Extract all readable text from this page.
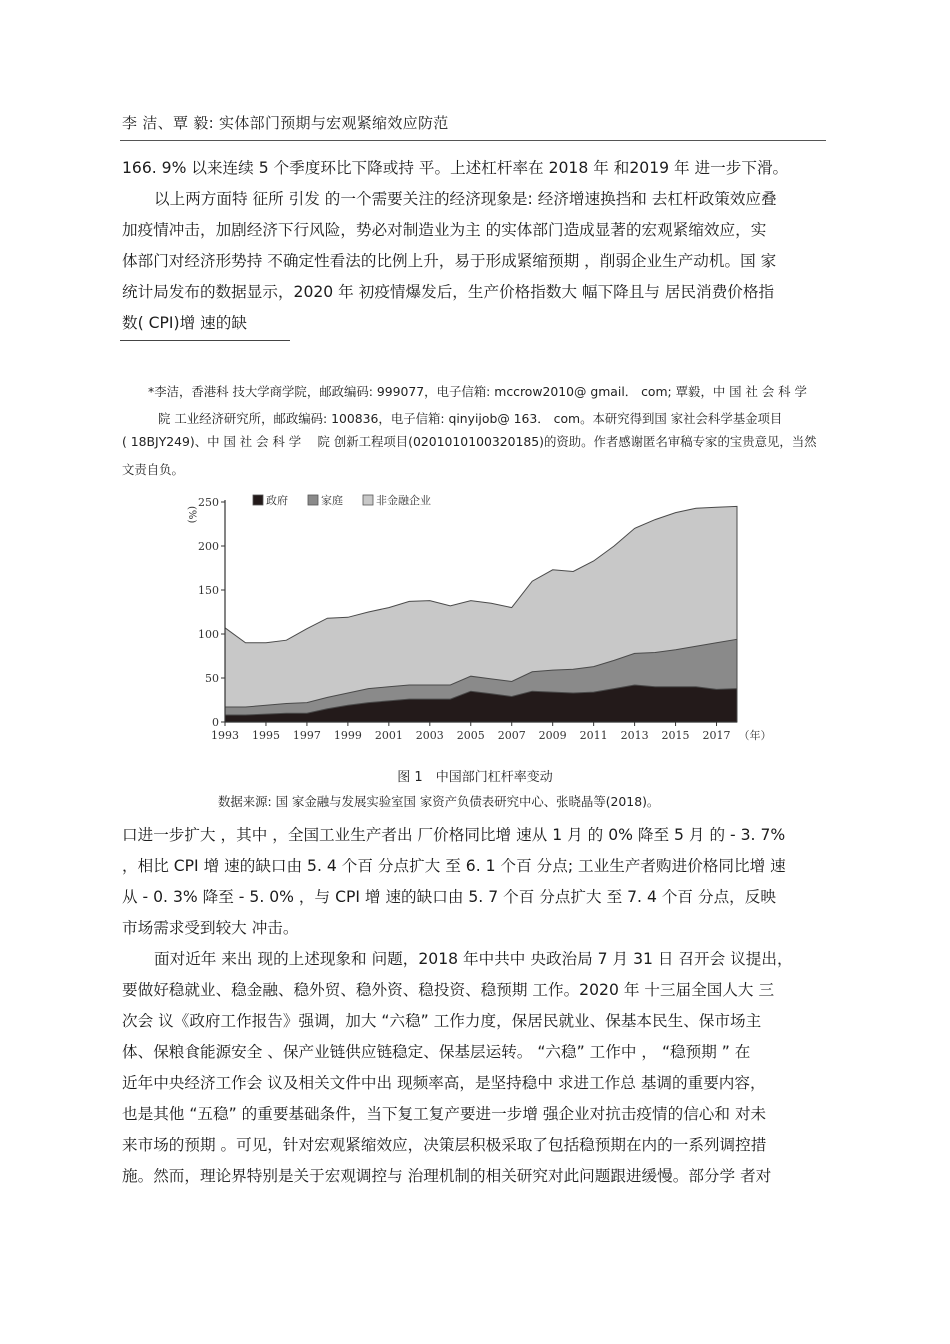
李 洁、覃 毅: 实体部门预期与宏观紧缩效应防范
166. 9% 以来连续 5 个季度环比下降或持 平。上述杠杆率在 2018 年 和2019 年 进一步下滑。
以上两方面特 征所 引发 的一个需要关注的经济现象是: 经济增速换挡和 去杠杆政策效应叠
加疫情冲击，加剧经济下行风险，势必对制造业为主 的实体部门造成显著的宏观紧缩效应，实
体部门对经济形势持 不确定性看法的比例上升，易于形成紧缩预期 ，削弱企业生产动机。国 家
统计局发布的数据显示，2020 年 初疫情爆发后，生产价格指数大 幅下降且与 居民消费价格指
数( CPI)增 速的缺
*李洁，香港科 技大学商学院，邮政编码: 999077，电子信箱: mccrow2010@ gmail． com; 覃毅，中 国 社 会 科 学
院 工业经济研究所，邮政编码: 100836，电子信箱: qinyijob@ 163． com。本研究得到国 家社会科学基金项目
( 18BJY249)、中 国 社 会 科 学　 院 创新工程项目(0201010100320185)的资助。作者感谢匿名审稿专家的宝贵意见，当然
文责自负。
0
50
100
150
200
250
(%)
1993 1995 1997 1999 2001 2003 2005 2007 2009 2011 2013 2015 2017 （年）
政府	家庭	非金融企业
图 1　中国部门杠杆率变动
数据来源: 国 家金融与发展实验室国 家资产负债表研究中心、张晓晶等(2018)。
口进一步扩大 ，其中 ，全国工业生产者出 厂价格同比增 速从 1 月 的 0% 降至 5 月 的 - 3. 7%
，相比 CPI 增 速的缺口由 5. 4 个百 分点扩大 至 6. 1 个百 分点; 工业生产者购进价格同比增 速
从 - 0. 3% 降至 - 5. 0% ，与 CPI 增 速的缺口由 5. 7 个百 分点扩大 至 7. 4 个百 分点，反映
市场需求受到较大 冲击。
面对近年 来出 现的上述现象和 问题，2018 年中共中 央政治局 7 月 31 日 召开会 议提出，
要做好稳就业、稳金融、稳外贸、稳外资、稳投资、稳预期 工作。2020 年 十三届全国人大 三
次会 议《政府工作报告》强调，加大 “六稳” 工作力度，保居民就业、保基本民生、保市场主
体、保粮食能源安全 、保产业链供应链稳定、保基层运转。 “六稳” 工作中 ， “稳预期 ” 在
近年中央经济工作会 议及相关文件中出 现频率高，是坚持稳中 求进工作总 基调的重要内容，
也是其他 “五稳” 的重要基础条件，当下复工复产要进一步增 强企业对抗击疫情的信心和 对未
来市场的预期 。可见，针对宏观紧缩效应，决策层积极采取了包括稳预期在内的一系列调控措
施。然而，理论界特别是关于宏观调控与 治理机制的相关研究对此问题跟进缓慢。部分学 者对
